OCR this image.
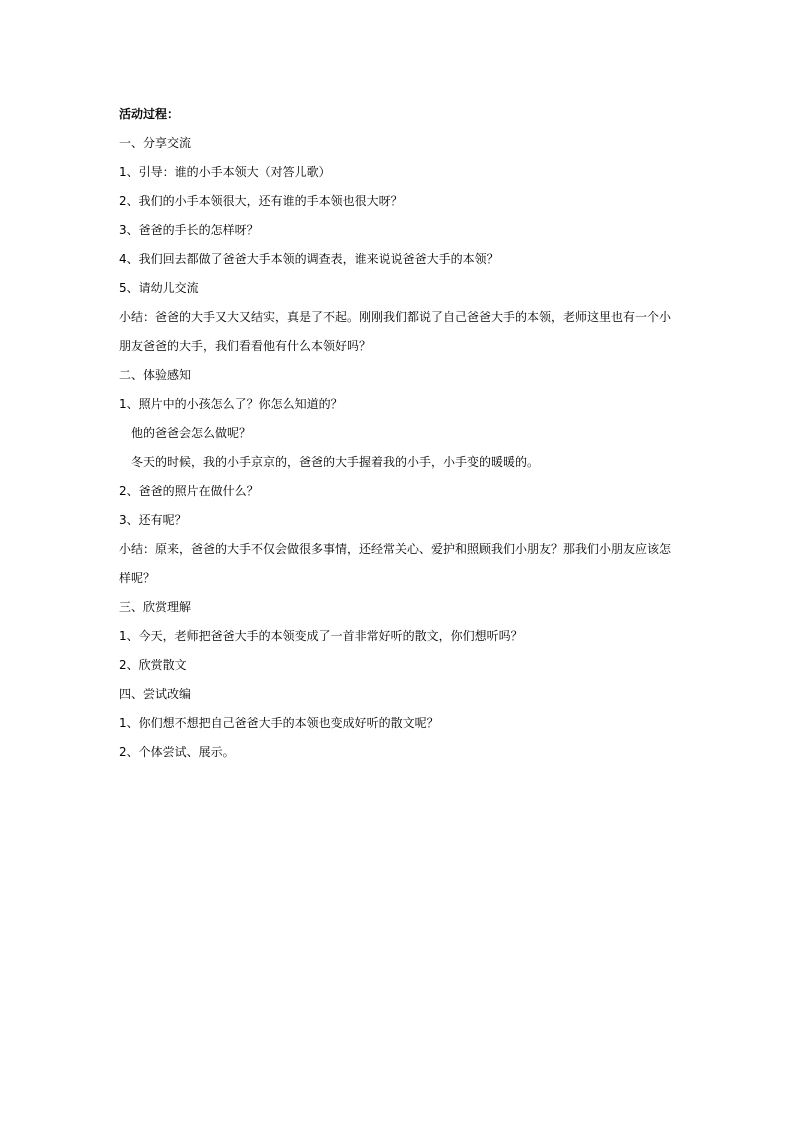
活动过程：
一、分享交流
1、引导：谁的小手本领大（对答儿歌）
2、我们的小手本领很大，还有谁的手本领也很大呀？
3、爸爸的手长的怎样呀？
4、我们回去都做了爸爸大手本领的调查表，谁来说说爸爸大手的本领？
5、请幼儿交流
小结：爸爸的大手又大又结实，真是了不起。刚刚我们都说了自己爸爸大手的本领，老师这里也有一个小
朋友爸爸的大手，我们看看他有什么本领好吗？
二、体验感知
1、照片中的小孩怎么了？你怎么知道的？
他的爸爸会怎么做呢？
冬天的时候，我的小手京京的，爸爸的大手握着我的小手，小手变的暖暖的。
2、爸爸的照片在做什么？
3、还有呢？
小结：原来，爸爸的大手不仅会做很多事情，还经常关心、爱护和照顾我们小朋友？那我们小朋友应该怎
样呢？
三、欣赏理解
1、今天，老师把爸爸大手的本领变成了一首非常好听的散文，你们想听吗？
2、欣赏散文
四、尝试改编
1、你们想不想把自己爸爸大手的本领也变成好听的散文呢？
2、个体尝试、展示。
